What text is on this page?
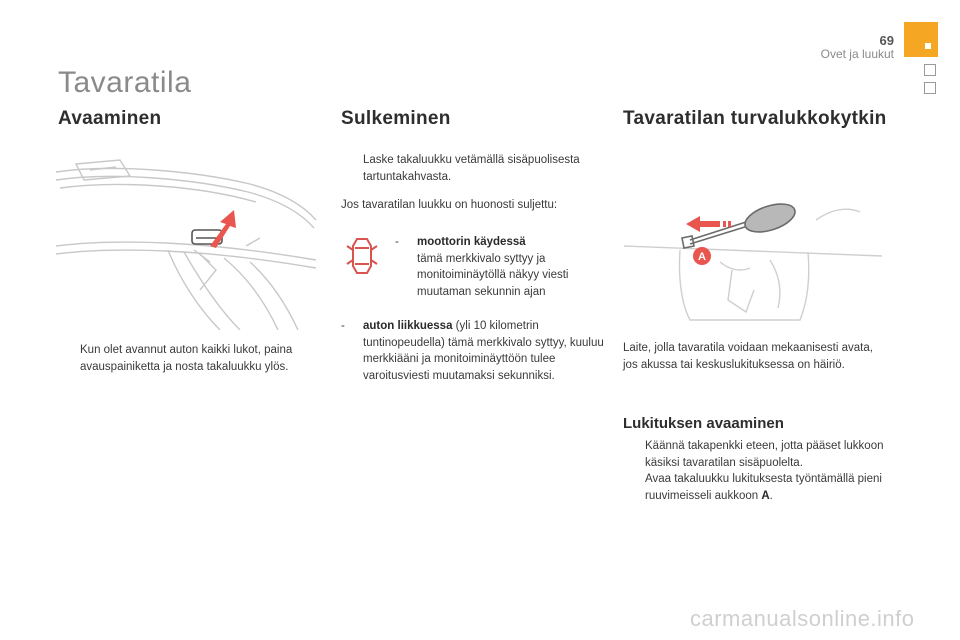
69
Ovet ja luukut
Tavaratila
Avaaminen
Kun olet avannut auton kaikki lukot, paina avauspainiketta ja nosta takaluukku ylös.
Sulkeminen
Laske takaluukku vetämällä sisäpuolisesta tartuntakahvasta.
Jos tavaratilan luukku on huonosti suljettu:
-	moottorin käydessä
tämä merkkivalo syttyy ja monitoiminäytöllä näkyy viesti muutaman sekunnin ajan
-	auton liikkuessa (yli 10 kilometrin tuntinopeudella) tämä merkkivalo syttyy, kuuluu merkkiääni ja monitoiminäyttöön tulee varoitusviesti muutamaksi sekunniksi.
Tavaratilan turvalukkokytkin
A
Laite, jolla tavaratila voidaan mekaanisesti avata, jos akussa tai keskuslukituksessa on häiriö.
Lukituksen avaaminen
Käännä takapenkki eteen, jotta pääset lukkoon käsiksi tavaratilan sisäpuolelta.
Avaa takaluukku lukituksesta työntämällä pieni ruuvimeisseli aukkoon A.
carmanualsonline.info
